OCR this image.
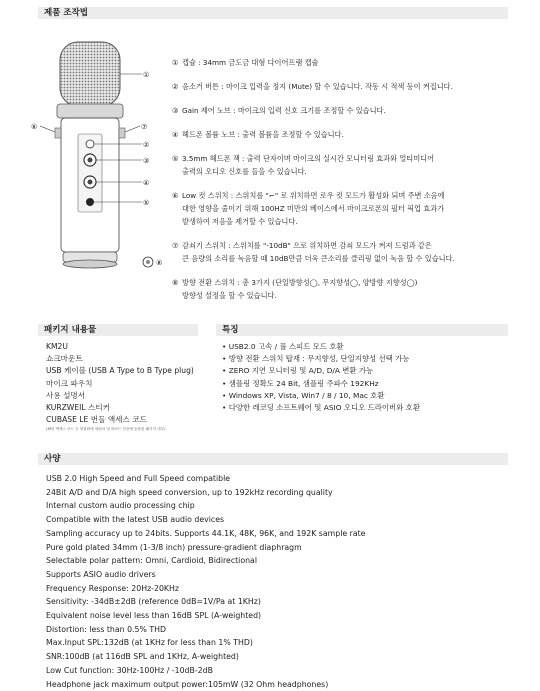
제품 조작법
패키지 내용물	특징
사양
①
②
③
④
⑤
⑥	⑦
⑧
① 캡슐 : 34mm 금도금 대형 다이어프램 캡슐
② 음소거 버튼 : 마이크 입력을 정지 (Mute) 할 수 있습니다. 작동 시 적색 등이 켜집니다.
③ Gain 제어 노브 : 마이크의 입력 신호 크기를 조정할 수 있습니다.
④ 헤드폰 볼륨 노브 : 출력 볼륨을 조정할 수 있습니다.
⑤ 3.5mm 헤드폰 잭 : 출력 단자이며 마이크의 실시간 모니터링 효과와 멀티미디어
출력의 오디오 신호를 들을 수 있습니다.
⑥ Low 컷 스위치 : 스위치를 "⌐" 로 위치하면 로우 컷 모드가 활성화 되며 주변 소음에
대한 영향을 줄이기 위해 100HZ 미만의 베이스에서 마이크로폰의 필터 픽업 효과가
발생하여 저음을 제거할 수 있습니다.
⑦ 감쇠기 스위치 : 스위치를 "-10dB" 으로 위치하면 감쇠 모드가 켜져 드럼과 같은
큰 음량의 소리를 녹음할 때 10dB만큼 더욱 큰소리를 클리핑 없이 녹음 할 수 있습니다.
⑧ 방향 전환 스위치 : 총 3가지 (단일방향성◯, 무지향성◯, 양방향 지향성◯)
방향성 설정을 할 수 있습니다.
KM2U
쇼크마운트
USB 케이블 (USB A Type to B Type plug)
마이크 파우치
사용 설명서
KURZWEIL 스티커
CUBASE LE 번들 액세스 코드
(해당 액세스 코드 등 정품화에 세워서 및 바코드 인증에 동봉된 패키지 내부)
• USB2.0 고속 / 풀 스피드 모드 호환
• 방향 전환 스위치 탑재 : 무지향성, 단일지향성 선택 가능
• ZERO 지연 모니터링 및 A/D, D/A 변환 가능
• 샘플링 정확도 24 Bit, 샘플링 주파수 192KHz
• Windows XP, Vista, Win7 / 8 / 10, Mac 호환
• 다양한 레코딩 소프트웨어 및 ASIO 오디오 드라이버와 호환
USB 2.0 High Speed and Full Speed compatible
24Bit A/D and D/A high speed conversion, up to 192kHz recording quality
Internal custom audio processing chip
Compatible with the latest USB audio devices
Sampling accuracy up to 24bits. Supports 44.1K, 48K, 96K, and 192K sample rate
Pure gold plated 34mm (1-3/8 inch) pressure-gradient diaphragm
Selectable polar pattern: Omni, Cardioid, Bidirectional
Supports ASIO audio drivers
Frequency Response: 20Hz-20KHz
Sensitivity: -34dB±2dB (reference 0dB=1V/Pa at 1KHz)
Equivalent noise level less than 16dB SPL (A-weighted)
Distortion: less than 0.5% THD
Max.Input SPL:132dB (at 1KHz for less than 1% THD)
SNR:100dB (at 116dB SPL and 1KHz, A-weighted)
Low Cut function: 30Hz-100Hz / -10dB-2dB
Headphone jack maximum output power:105mW (32 Ohm headphones)
